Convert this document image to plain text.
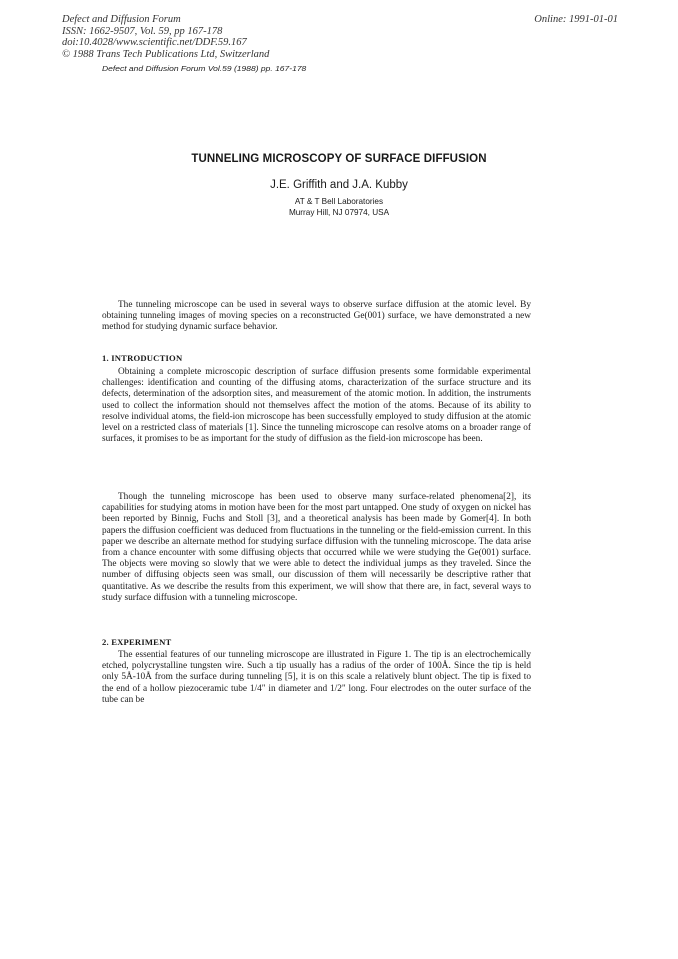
Defect and Diffusion Forum
ISSN: 1662-9507, Vol. 59, pp 167-178
doi:10.4028/www.scientific.net/DDF.59.167
© 1988 Trans Tech Publications Ltd, Switzerland
Online: 1991-01-01
Defect and Diffusion Forum Vol.59 (1988) pp. 167-178
TUNNELING MICROSCOPY OF SURFACE DIFFUSION
J.E. Griffith and J.A. Kubby
AT & T Bell Laboratories
Murray Hill, NJ 07974, USA

The tunneling microscope can be used in several ways to observe surface diffusion at the atomic level. By obtaining tunneling images of moving species on a reconstructed Ge(001) surface, we have demonstrated a new method for studying dynamic surface behavior.

1. INTRODUCTION

Obtaining a complete microscopic description of surface diffusion presents some formidable experimental challenges: identification and counting of the diffusing atoms, characterization of the surface structure and its defects, determination of the adsorption sites, and measurement of the atomic motion. In addition, the instruments used to collect the information should not themselves affect the motion of the atoms. Because of its ability to resolve individual atoms, the field-ion microscope has been successfully employed to study diffusion at the atomic level on a restricted class of materials [1]. Since the tunneling microscope can resolve atoms on a broader range of surfaces, it promises to be as important for the study of diffusion as the field-ion microscope has been.

Though the tunneling microscope has been used to observe many surface-related phenomena[2], its capabilities for studying atoms in motion have been for the most part untapped. One study of oxygen on nickel has been reported by Binnig, Fuchs and Stoll [3], and a theoretical analysis has been made by Gomer[4]. In both papers the diffusion coefficient was deduced from fluctuations in the tunneling or the field-emission current. In this paper we describe an alternate method for studying surface diffusion with the tunneling microscope. The data arise from a chance encounter with some diffusing objects that occurred while we were studying the Ge(001) surface. The objects were moving so slowly that we were able to detect the individual jumps as they traveled. Since the number of diffusing objects seen was small, our discussion of them will necessarily be descriptive rather that quantitative. As we describe the results from this experiment, we will show that there are, in fact, several ways to study surface diffusion with a tunneling microscope.

2. EXPERIMENT

The essential features of our tunneling microscope are illustrated in Figure 1. The tip is an electrochemically etched, polycrystalline tungsten wire. Such a tip usually has a radius of the order of 100Å. Since the tip is held only 5Å-10Å from the surface during tunneling [5], it is on this scale a relatively blunt object. The tip is fixed to the end of a hollow piezoceramic tube 1/4" in diameter and 1/2" long. Four electrodes on the outer surface of the tube can be
